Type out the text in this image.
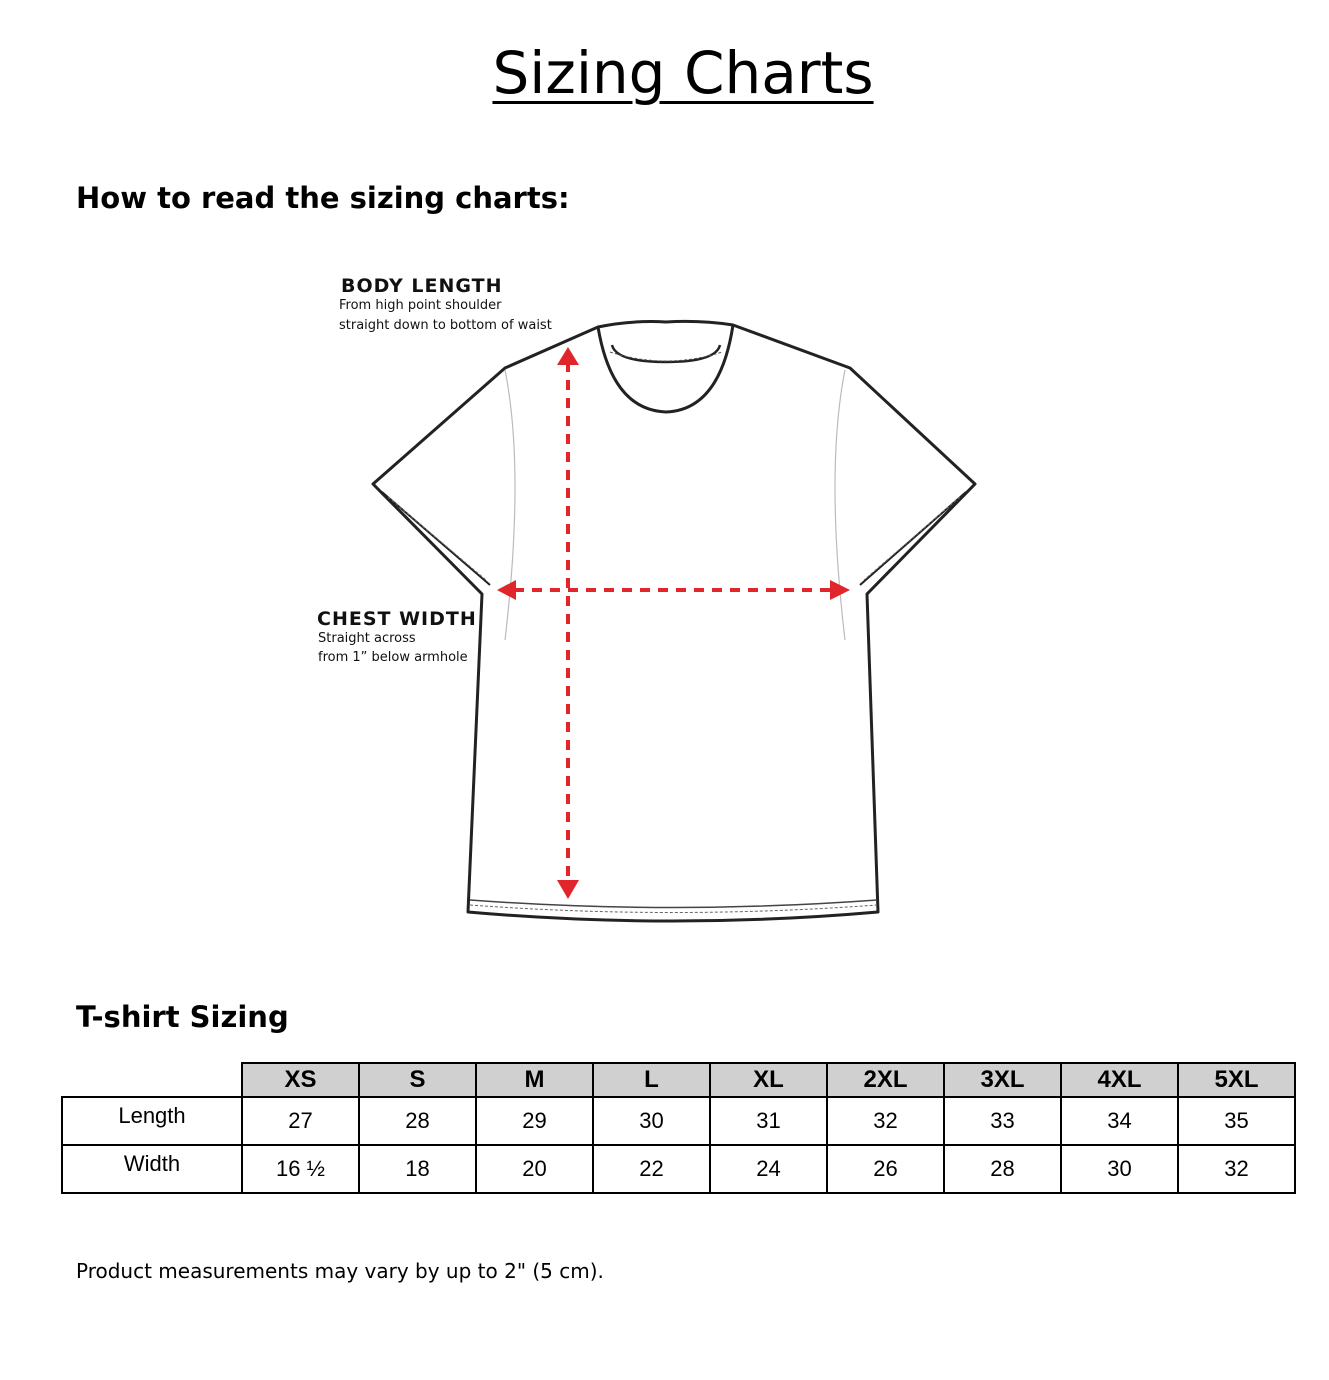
Sizing Charts
How to read the sizing charts:
BODY LENGTH
From high point shoulder
straight down to bottom of waist
CHEST WIDTH
Straight across
from 1” below armhole
T-shirt Sizing
	XS	S	M	L	XL	2XL	3XL	4XL	5XL
Length	27	28	29	30	31	32	33	34	35
Width	16 ½	18	20	22	24	26	28	30	32
Product measurements may vary by up to 2" (5 cm).
